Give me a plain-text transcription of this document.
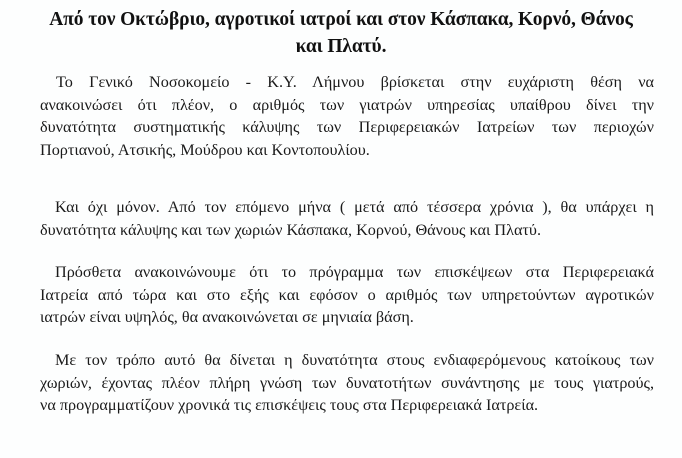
Από τον Οκτώβριο, αγροτικοί ιατροί και στον Κάσπακα, Κορνό, Θάνος
και Πλατύ.
Το Γενικό Νοσοκομείο - Κ.Υ. Λήμνου βρίσκεται στην ευχάριστη θέση να
ανακοινώσει ότι πλέον, ο αριθμός των γιατρών υπηρεσίας υπαίθρου δίνει την
δυνατότητα συστηματικής κάλυψης των Περιφερειακών Ιατρείων των περιοχών
Πορτιανού, Ατσικής, Μούδρου και Κοντοπουλίου.
Και όχι μόνον. Από τον επόμενο μήνα ( μετά από τέσσερα χρόνια ), θα υπάρχει η
δυνατότητα κάλυψης και των χωριών Κάσπακα, Κορνού, Θάνους και Πλατύ.
Πρόσθετα ανακοινώνουμε ότι το πρόγραμμα των επισκέψεων στα Περιφερειακά
Ιατρεία από τώρα και στο εξής και εφόσον ο αριθμός των υπηρετούντων αγροτικών
ιατρών είναι υψηλός, θα ανακοινώνεται σε μηνιαία βάση.
Με τον τρόπο αυτό θα δίνεται η δυνατότητα στους ενδιαφερόμενους κατοίκους των
χωριών, έχοντας πλέον πλήρη γνώση των δυνατοτήτων συνάντησης με τους γιατρούς,
να προγραμματίζουν χρονικά τις επισκέψεις τους στα Περιφερειακά Ιατρεία.
